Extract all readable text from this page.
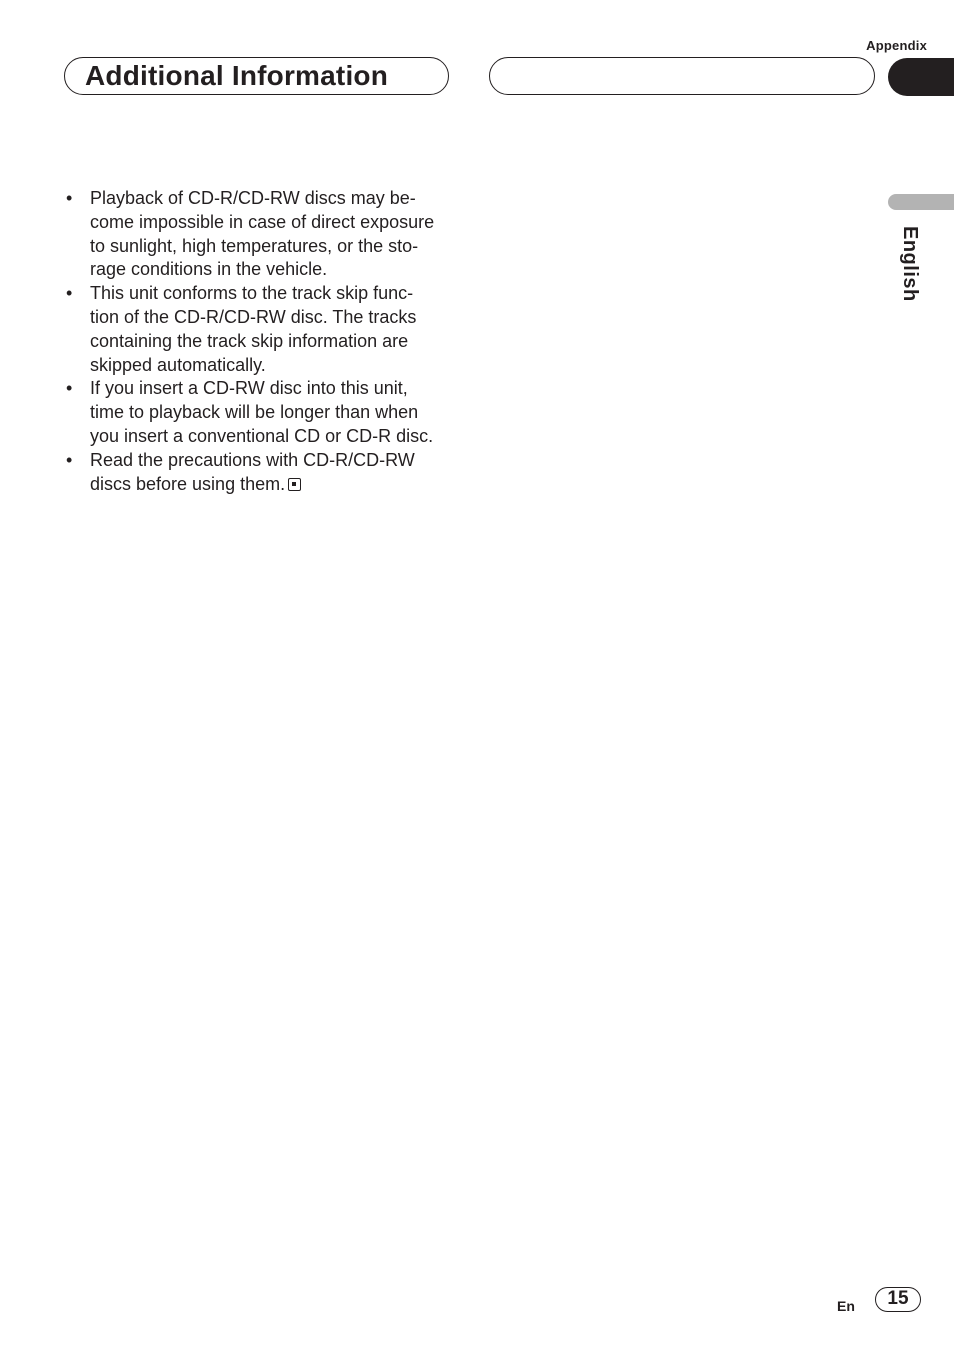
Appendix
Additional Information
English
• Playback of CD-R/CD-RW discs may be-
come impossible in case of direct exposure
to sunlight, high temperatures, or the sto-
rage conditions in the vehicle.
• This unit conforms to the track skip func-
tion of the CD-R/CD-RW disc. The tracks
containing the track skip information are
skipped automatically.
• If you insert a CD-RW disc into this unit,
time to playback will be longer than when
you insert a conventional CD or CD-R disc.
• Read the precautions with CD-R/CD-RW
discs before using them.
En	15
